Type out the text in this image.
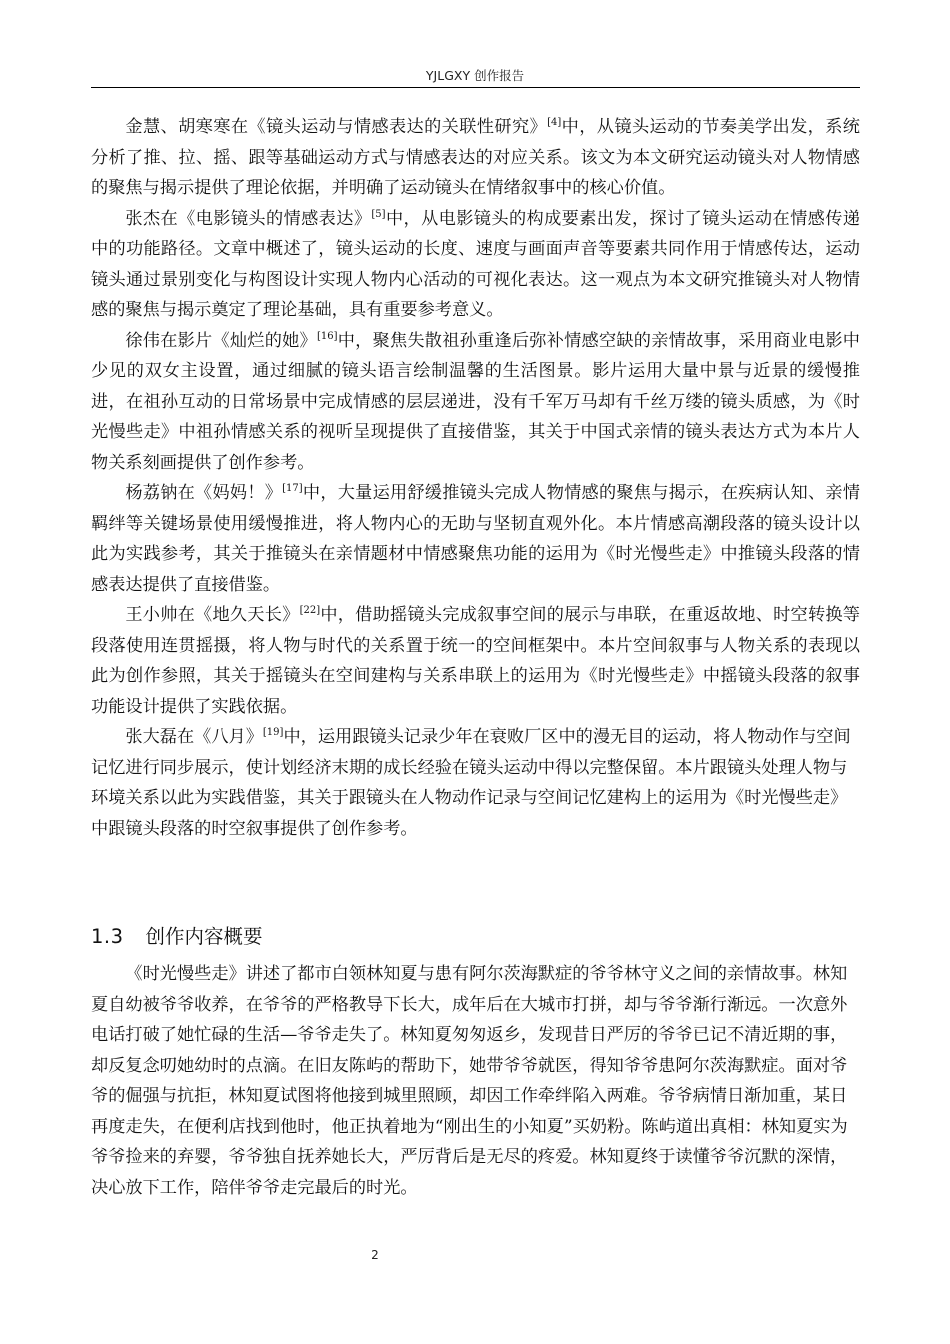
YJLGXY 创作报告

金慧、胡寒寒在《镜头运动与情感表达的关联性研究》[4]中，从镜头运动的节奏美学出发，系统分析了推、拉、摇、跟等基础运动方式与情感表达的对应关系。该文为本文研究运动镜头对人物情感的聚焦与揭示提供了理论依据，并明确了运动镜头在情绪叙事中的核心价值。

张杰在《电影镜头的情感表达》[5]中，从电影镜头的构成要素出发，探讨了镜头运动在情感传递中的功能路径。文章中概述了，镜头运动的长度、速度与画面声音等要素共同作用于情感传达，运动镜头通过景别变化与构图设计实现人物内心活动的可视化表达。这一观点为本文研究推镜头对人物情感的聚焦与揭示奠定了理论基础，具有重要参考意义。

徐伟在影片《灿烂的她》[16]中，聚焦失散祖孙重逢后弥补情感空缺的亲情故事，采用商业电影中少见的双女主设置，通过细腻的镜头语言绘制温馨的生活图景。影片运用大量中景与近景的缓慢推进，在祖孙互动的日常场景中完成情感的层层递进，没有千军万马却有千丝万缕的镜头质感，为《时光慢些走》中祖孙情感关系的视听呈现提供了直接借鉴，其关于中国式亲情的镜头表达方式为本片人物关系刻画提供了创作参考。

杨荔钠在《妈妈！》[17]中，大量运用舒缓推镜头完成人物情感的聚焦与揭示，在疾病认知、亲情羁绊等关键场景使用缓慢推进，将人物内心的无助与坚韧直观外化。本片情感高潮段落的镜头设计以此为实践参考，其关于推镜头在亲情题材中情感聚焦功能的运用为《时光慢些走》中推镜头段落的情感表达提供了直接借鉴。

王小帅在《地久天长》[22]中，借助摇镜头完成叙事空间的展示与串联，在重返故地、时空转换等段落使用连贯摇摄，将人物与时代的关系置于统一的空间框架中。本片空间叙事与人物关系的表现以此为创作参照，其关于摇镜头在空间建构与关系串联上的运用为《时光慢些走》中摇镜头段落的叙事功能设计提供了实践依据。

张大磊在《八月》[19]中，运用跟镜头记录少年在衰败厂区中的漫无目的运动，将人物动作与空间记忆进行同步展示，使计划经济末期的成长经验在镜头运动中得以完整保留。本片跟镜头处理人物与环境关系以此为实践借鉴，其关于跟镜头在人物动作记录与空间记忆建构上的运用为《时光慢些走》中跟镜头段落的时空叙事提供了创作参考。

1.3 创作内容概要

《时光慢些走》讲述了都市白领林知夏与患有阿尔茨海默症的爷爷林守义之间的亲情故事。林知夏自幼被爷爷收养，在爷爷的严格教导下长大，成年后在大城市打拼，却与爷爷渐行渐远。一次意外电话打破了她忙碌的生活—爷爷走失了。林知夏匆匆返乡，发现昔日严厉的爷爷已记不清近期的事，却反复念叨她幼时的点滴。在旧友陈屿的帮助下，她带爷爷就医，得知爷爷患阿尔茨海默症。面对爷爷的倔强与抗拒，林知夏试图将他接到城里照顾，却因工作牵绊陷入两难。爷爷病情日渐加重，某日再度走失，在便利店找到他时，他正执着地为“刚出生的小知夏”买奶粉。陈屿道出真相：林知夏实为爷爷捡来的弃婴，爷爷独自抚养她长大，严厉背后是无尽的疼爱。林知夏终于读懂爷爷沉默的深情，决心放下工作，陪伴爷爷走完最后的时光。

2
